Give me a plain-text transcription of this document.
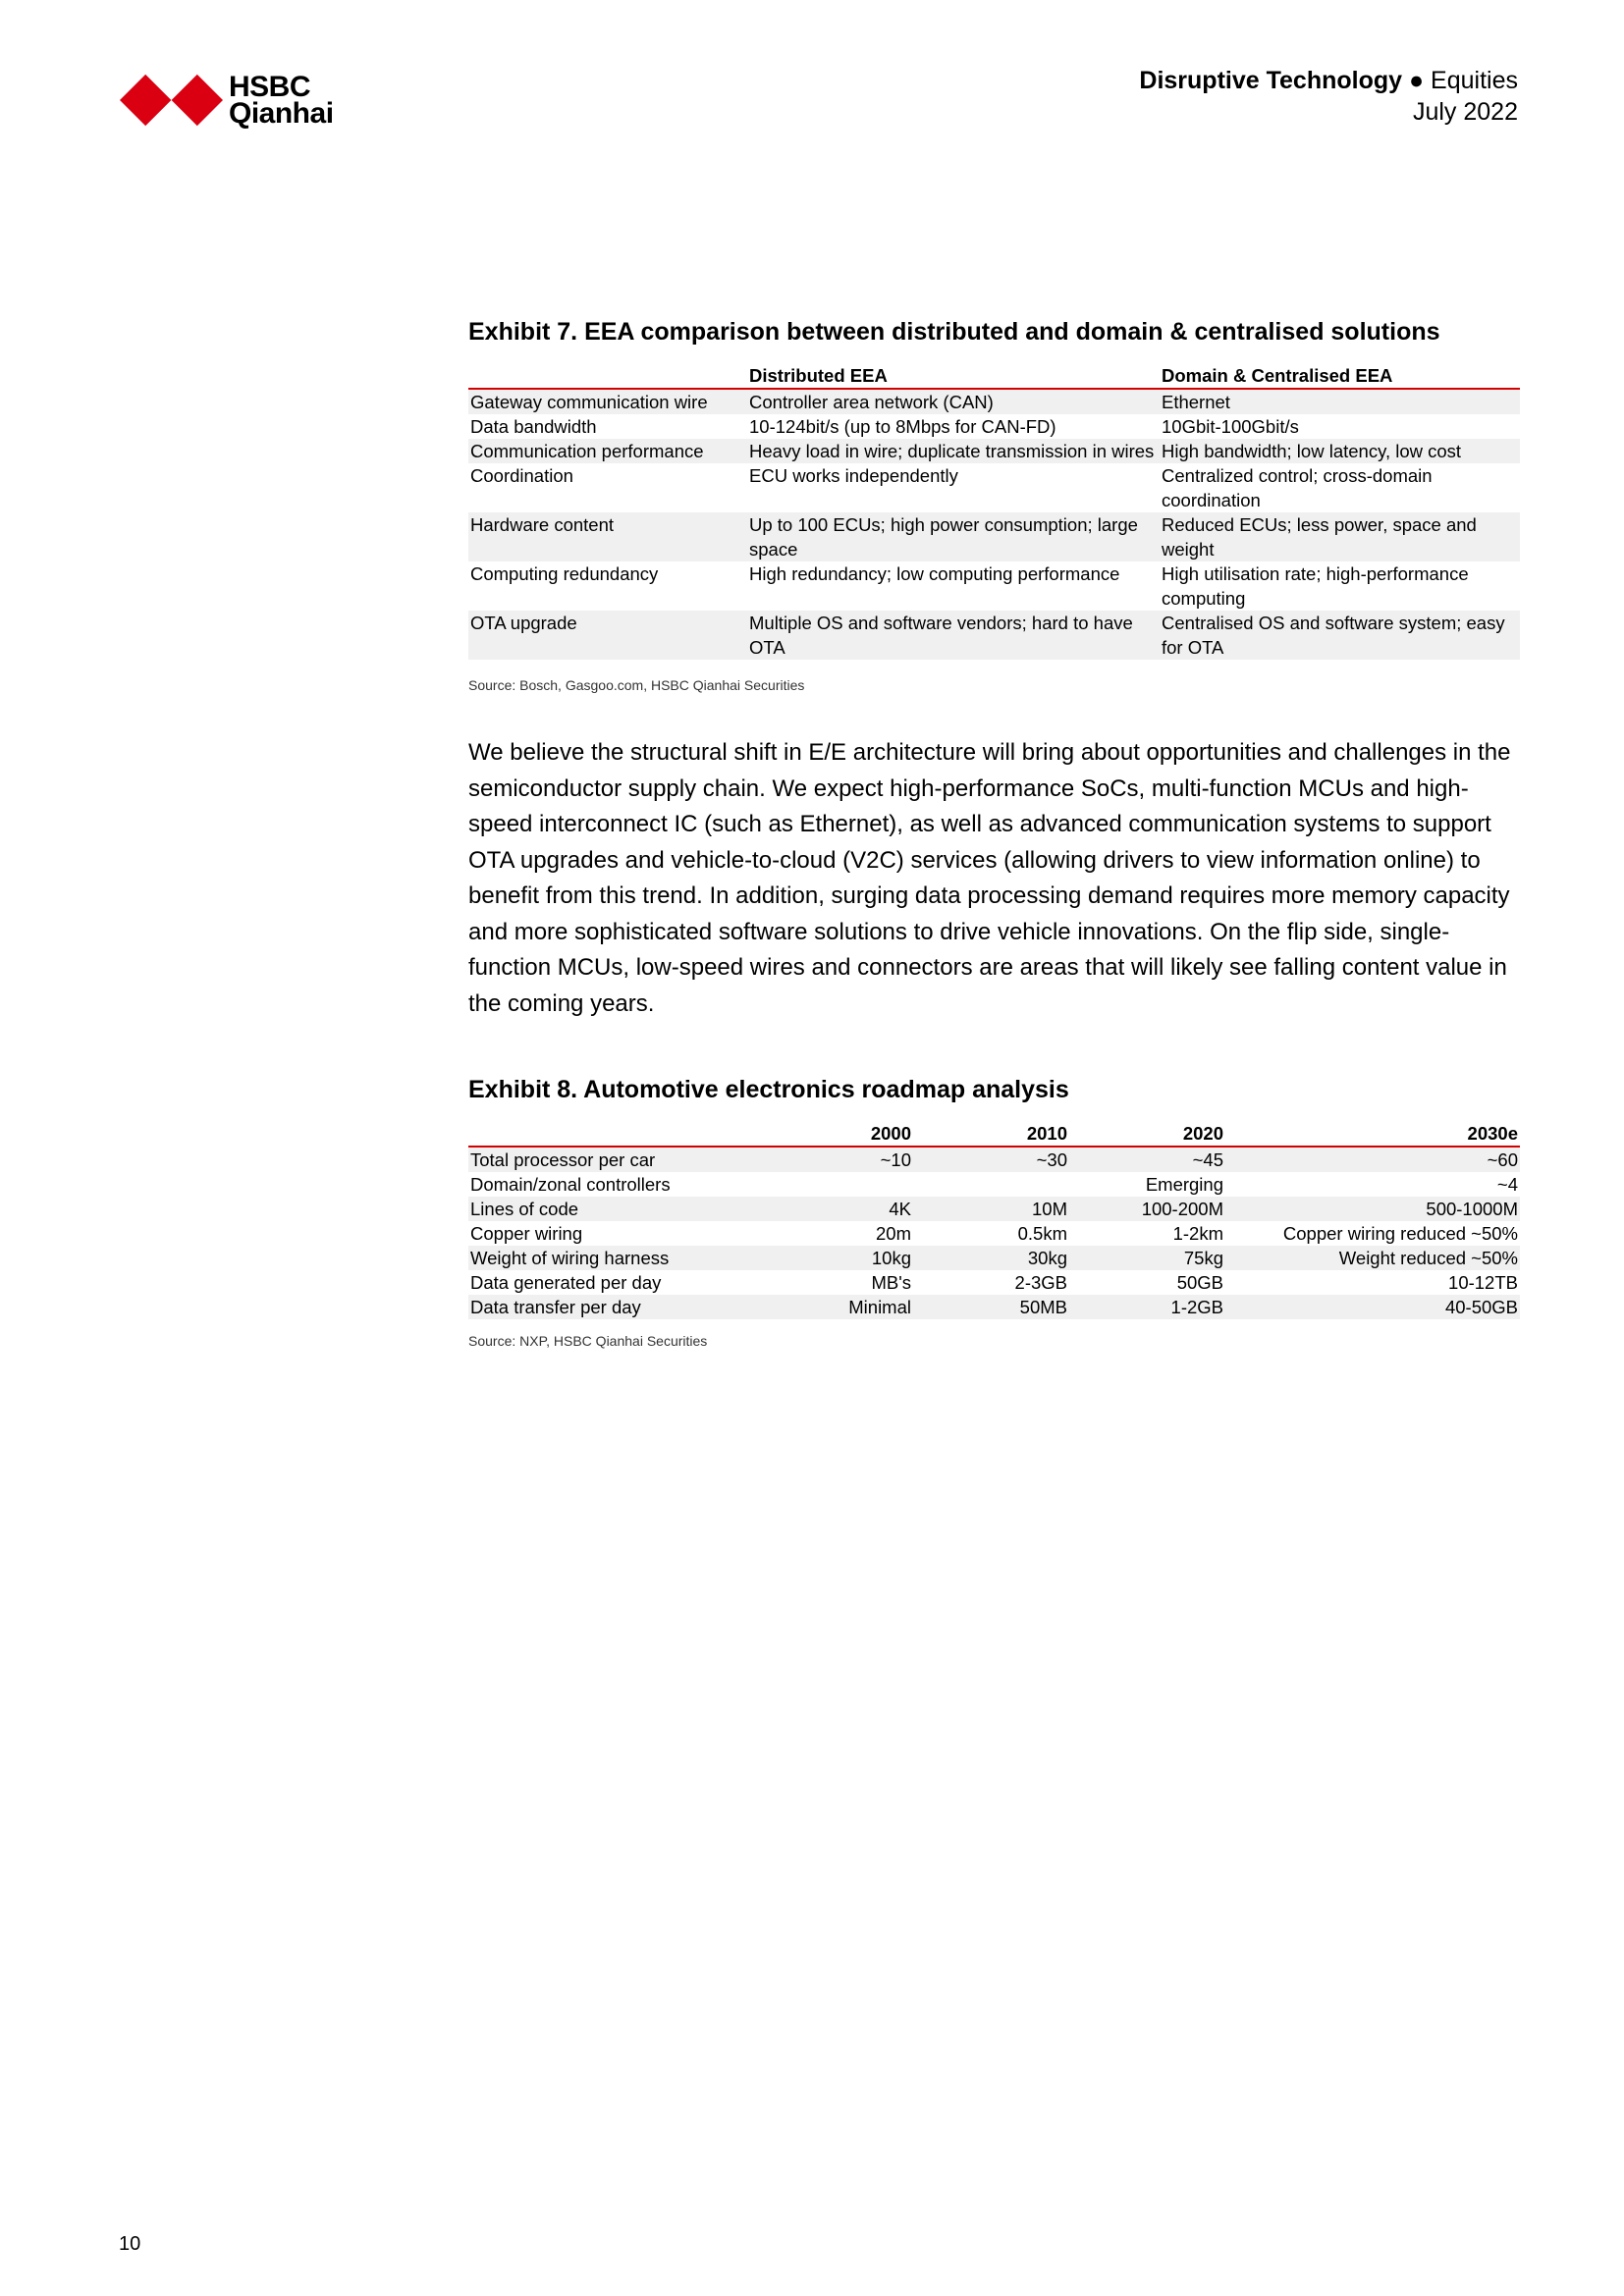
HSBC
Qianhai
Disruptive Technology ● Equities
July 2022
Exhibit 7. EEA comparison between distributed and domain & centralised solutions
	Distributed EEA	Domain & Centralised EEA
Gateway communication wire	Controller area network (CAN)	Ethernet
Data bandwidth	10-124bit/s (up to 8Mbps for CAN-FD)	10Gbit-100Gbit/s
Communication performance	Heavy load in wire; duplicate transmission in wires	High bandwidth; low latency, low cost
Coordination	ECU works independently	Centralized control; cross-domain coordination
Hardware content	Up to 100 ECUs; high power consumption; large space	Reduced ECUs; less power, space and weight
Computing redundancy	High redundancy; low computing performance	High utilisation rate; high-performance computing
OTA upgrade	Multiple OS and software vendors; hard to have OTA	Centralised OS and software system; easy for OTA
Source: Bosch, Gasgoo.com, HSBC Qianhai Securities
We believe the structural shift in E/E architecture will bring about opportunities and challenges in the semiconductor supply chain. We expect high-performance SoCs, multi-function MCUs and high-speed interconnect IC (such as Ethernet), as well as advanced communication systems to support OTA upgrades and vehicle-to-cloud (V2C) services (allowing drivers to view information online) to benefit from this trend. In addition, surging data processing demand requires more memory capacity and more sophisticated software solutions to drive vehicle innovations. On the flip side, single-function MCUs, low-speed wires and connectors are areas that will likely see falling content value in the coming years.
Exhibit 8. Automotive electronics roadmap analysis
	2000	2010	2020	2030e
Total processor per car	~10	~30	~45	~60
Domain/zonal controllers			Emerging	~4
Lines of code	4K	10M	100-200M	500-1000M
Copper wiring	20m	0.5km	1-2km	Copper wiring reduced ~50%
Weight of wiring harness	10kg	30kg	75kg	Weight reduced ~50%
Data generated per day	MB's	2-3GB	50GB	10-12TB
Data transfer per day	Minimal	50MB	1-2GB	40-50GB
Source: NXP, HSBC Qianhai Securities
10
